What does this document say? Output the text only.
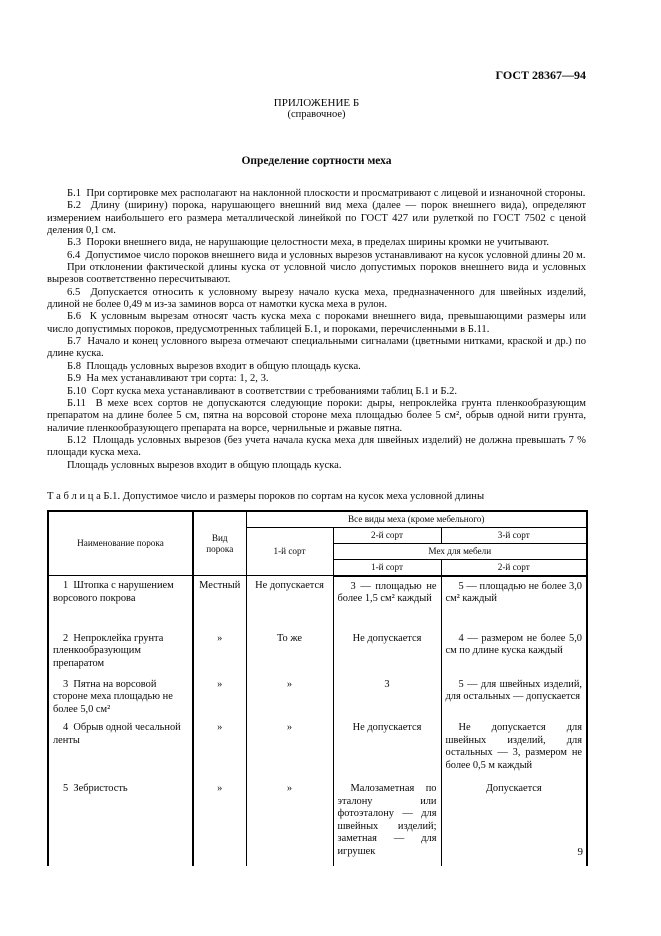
ГОСТ 28367—94
ПРИЛОЖЕНИЕ Б
(справочное)
Определение сортности меха

Б.1  При сортировке мех располагают на наклонной плоскости и просматривают с лицевой и изнаночной стороны.

Б.2  Длину (ширину) порока, нарушающего внешний вид меха (далее — порок внешнего вида), определяют измерением наибольшего его размера металлической линейкой по ГОСТ 427 или рулеткой по ГОСТ 7502 с ценой деления 0,1 см.

Б.3  Пороки внешнего вида, не нарушающие целостности меха, в пределах ширины кромки не учитывают.

6.4  Допустимое число пороков внешнего вида и условных вырезов устанавливают на кусок условной длины 20 м.

При отклонении фактической длины куска от условной число допустимых пороков внешнего вида и условных вырезов соответственно пересчитывают.

6.5  Допускается относить к условному вырезу начало куска меха, предназначенного для швейных изделий, длиной не более 0,49 м из-за заминов ворса от намотки куска меха в рулон.

Б.6  К условным вырезам относят часть куска меха с пороками внешнего вида, превышающими размеры или число допустимых пороков, предусмотренных таблицей Б.1, и пороками, перечисленными в Б.11.

Б.7  Начало и конец условного выреза отмечают специальными сигналами (цветными нитками, краской и др.) по длине куска.

Б.8  Площадь условных вырезов входит в общую площадь куска.

Б.9  На мех устанавливают три сорта: 1, 2, 3.

Б.10  Сорт куска меха устанавливают в соответствии с требованиями таблиц Б.1 и Б.2.

Б.11  В мехе всех сортов не допускаются следующие пороки: дыры, непроклейка грунта пленкообразующим препаратом на длине более 5 см, пятна на ворсовой стороне меха площадью более 5 см², обрыв одной нити грунта, наличие пленкообразующего препарата на ворсе, чернильные и ржавые пятна.

Б.12  Площадь условных вырезов (без учета начала куска меха для швейных изделий) не должна превышать 7 % площади куска меха.

Площадь условных вырезов входит в общую площадь куска.

Т а б л и ц а Б.1. Допустимое число и размеры пороков по сортам на кусок меха условной длины

Наименование порока	Вид порока	Все виды меха (кроме мебельного)		
		1-й сорт	2-й сорт	3-й сорт
			Мех для мебели	
			1-й сорт	2-й сорт
1  Штопка с нарушением ворсового покрова	Местный	Не допускается	3 — площадью не более 1,5 см² каждый	5 — площадью не более 3,0 см² каждый
2  Непроклейка грунта пленкообразующим препаратом	»	То же	Не допускается	4 — размером не более 5,0 см по длине куска каждый
3  Пятна на ворсовой стороне меха площадью не более 5,0 см²	»	»	3	5 — для швейных изделий, для остальных — допускается
4  Обрыв одной чесальной ленты	»	»	Не допускается	Не допускается для швейных изделий, для остальных — 3, размером не более 0,5 м каждый
5  Зебристость	»	»	Малозаметная по эталону или фотоэталону — для швейных изделий; заметная — для игрушек	Допускается
9
